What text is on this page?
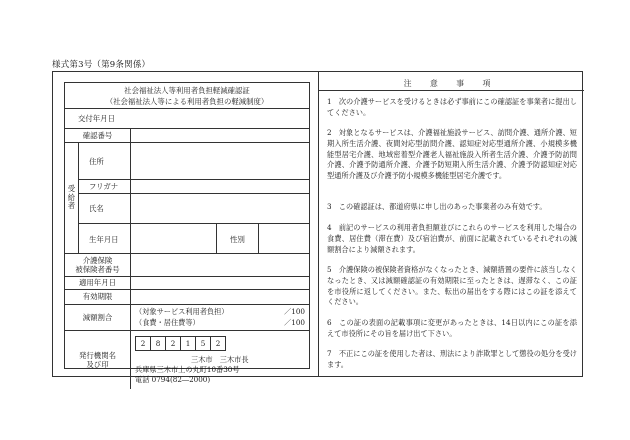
様式第3号（第9条関係）
社会福祉法人等利用者負担軽減確認証
（社会福祉法人等による利用者負担の軽減制度）
交付年月日
確認番号
受
給
者
住所
フリガナ
氏名
生年月日	性別
介護保険
被保険者番号
適用年月日
有効期限
減額割合
（対象サービス利用者負担）	／100
（食費・居住費等）	／100
発行機関名
及び印
2	8	2	1	5	2
三木市　三木市長
兵庫県三木市上の丸町10番30号
電話 0794(82―2000)
注 意 事 項
1　次の介護サービスを受けるときは必ず事前にこの確認証を事業者に提出してください。
2　対象となるサービスは、介護福祉施設サービス、訪問介護、通所介護、短期入所生活介護、夜間対応型訪問介護、認知症対応型通所介護、小規模多機能型居宅介護、地域密着型介護老人福祉施設入所者生活介護、介護予防訪問介護、介護予防通所介護、介護予防短期入所生活介護、介護予防認知症対応型通所介護及び介護予防小規模多機能型居宅介護です。
3　この確認証は、都道府県に申し出のあった事業者のみ有効です。
4　前記のサービスの利用者負担額並びにこれらのサービスを利用した場合の食費、居住費（滞在費）及び宿泊費が、前面に記載されているそれぞれの減額割合により減額されます。
5　介護保険の被保険者資格がなくなったとき、減額措置の要件に該当しなくなったとき、又は減額確認証の有効期限に至ったときは、遅滞なく、この証を市役所に返してください。また、転出の届出をする際にはこの証を添えてください。
6　この証の表面の記載事項に変更があったときは、14日以内にこの証を添えて市役所にその旨を届け出て下さい。
7　不正にこの証を使用した者は、刑法により詐欺罪として懲役の処分を受けます。
